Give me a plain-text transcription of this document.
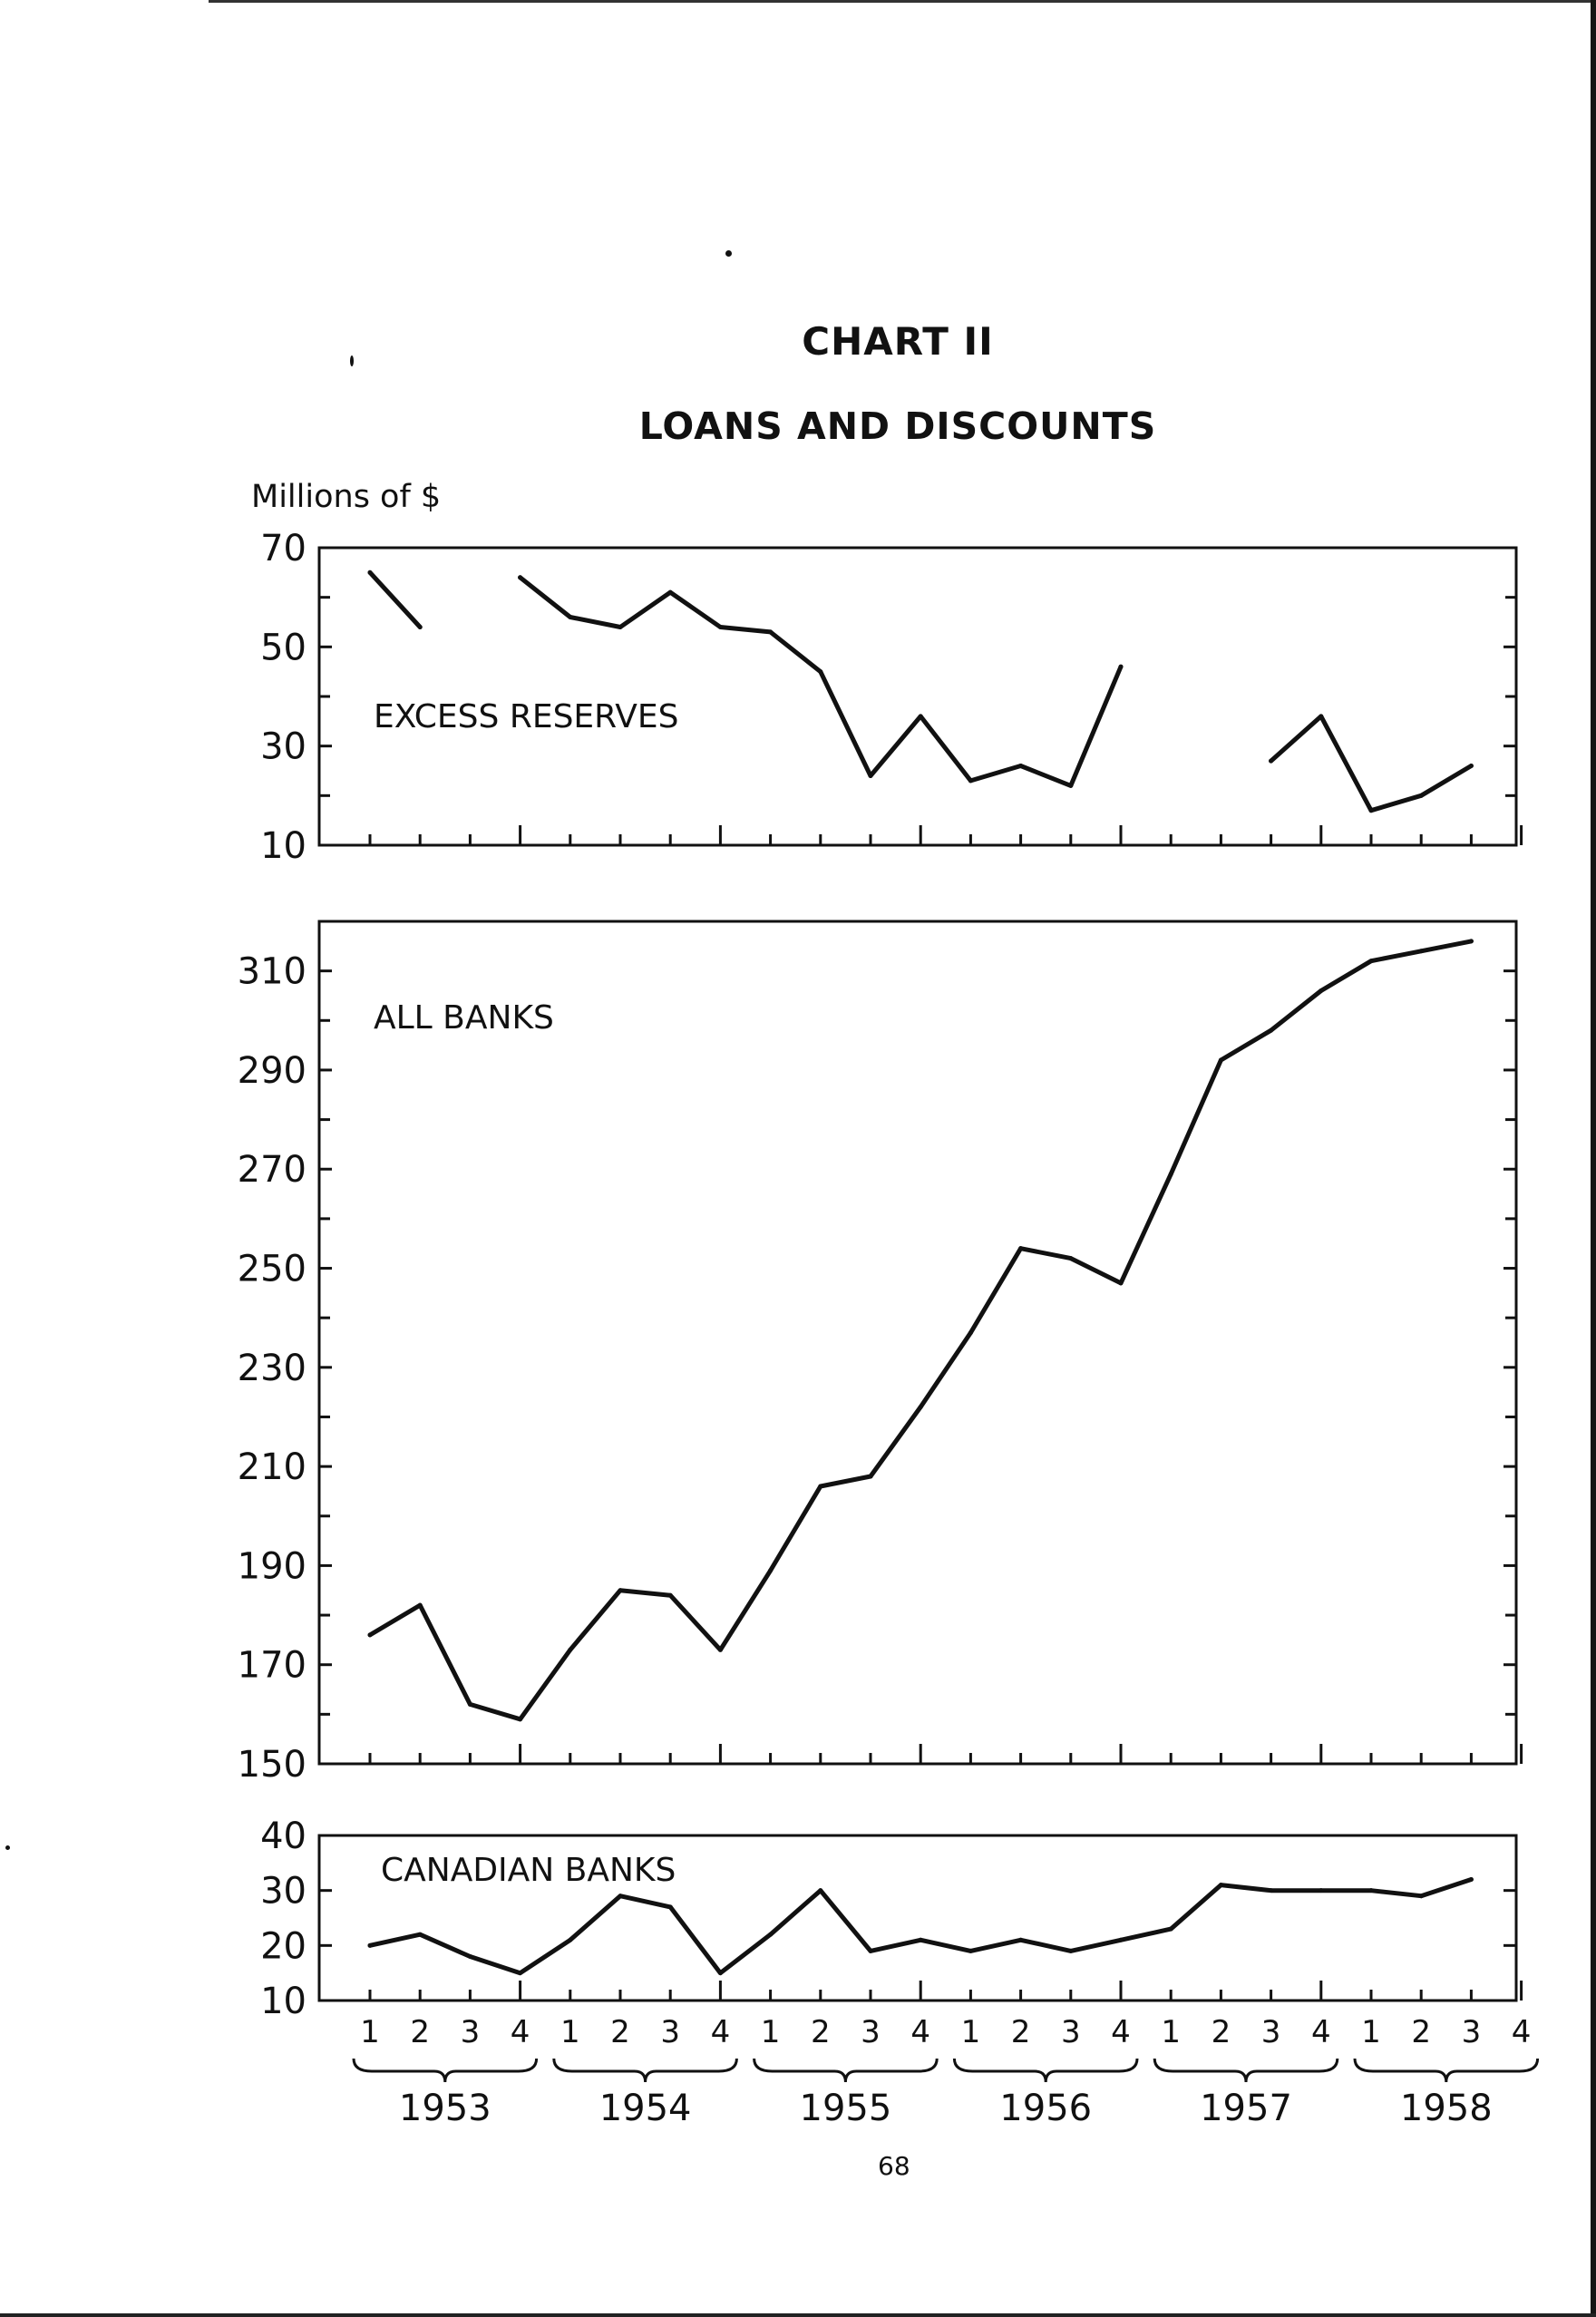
CHART II
LOANS AND DISCOUNTS
Millions of $
10
30
50
70
EXCESS RESERVES
150
170
190
210
230
250
270
290
310
ALL BANKS
10
20
30
40
CANADIAN BANKS
1 2 3 4 1 2 3 4 1 2 3 4 1 2 3 4 1 2 3 4 1 2 3 4
1953	1954	1955	1956	1957	1958
68
